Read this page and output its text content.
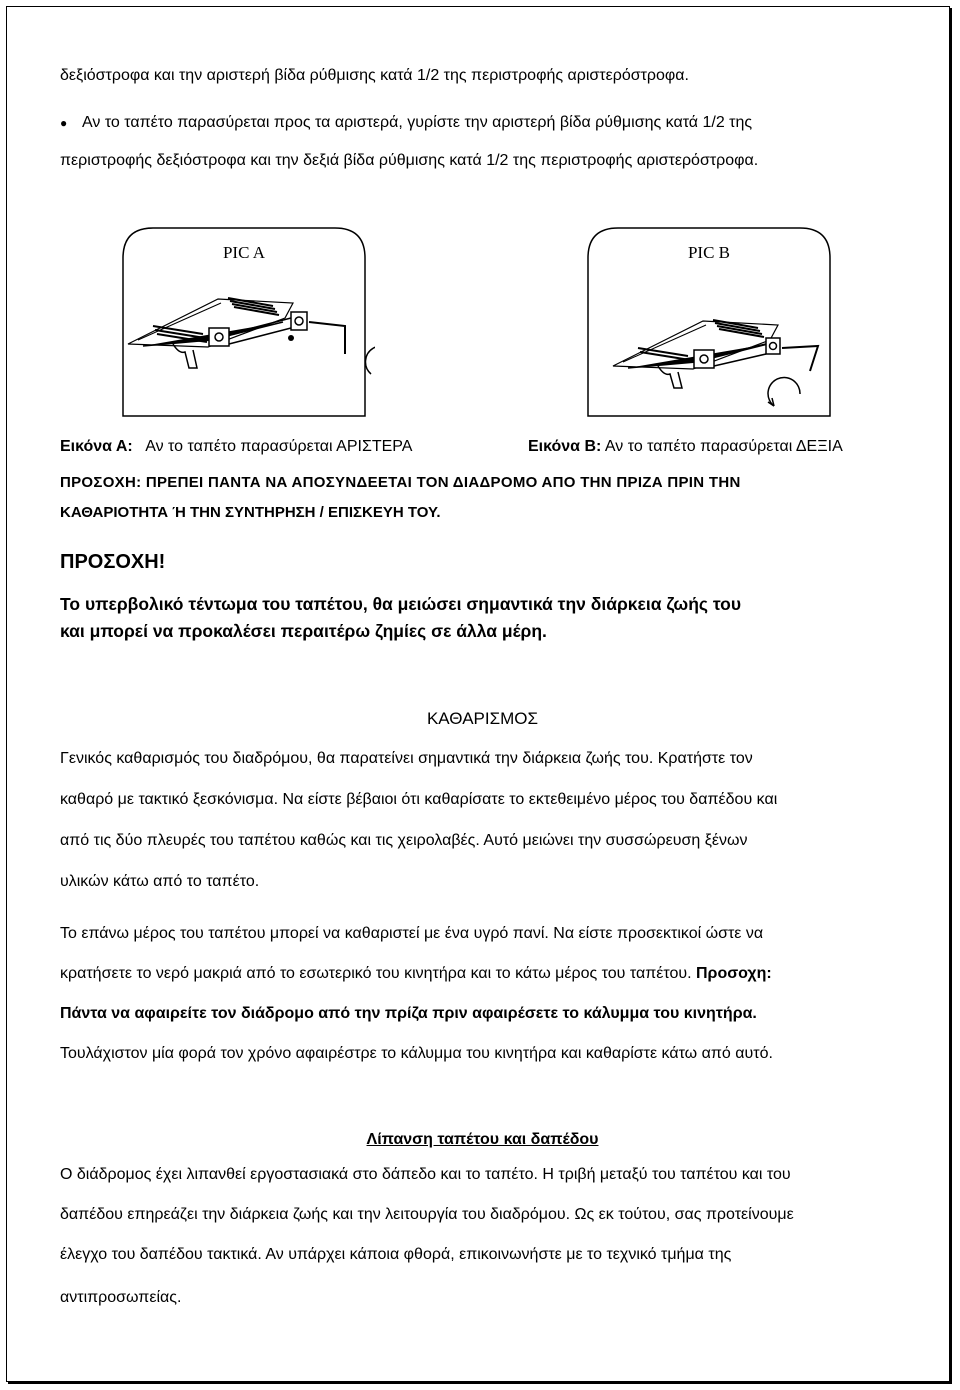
δεξιόστροφα και την αριστερή βίδα ρύθμισης κατά 1/2 της περιστροφής αριστερόστροφα.

● Αν το ταπέτο παρασύρεται προς τα αριστερά, γυρίστε την αριστερή βίδα ρύθμισης κατά 1/2 της

περιστροφής δεξιόστροφα και την δεξιά βίδα ρύθμισης κατά 1/2 της περιστροφής αριστερόστροφα.

PIC A	PIC B
Εικόνα Α: Αν το ταπέτο παρασύρεται ΑΡΙΣΤΕΡΑ	Εικόνα Β: Αν το ταπέτο παρασύρεται ΔΕΞΙΑ

ΠΡΟΣΟΧΗ: ΠΡΕΠΕΙ ΠΑΝΤΑ ΝΑ ΑΠΟΣΥΝΔΕΕΤΑΙ ΤΟΝ ΔΙΑΔΡΟΜΟ ΑΠΟ ΤΗΝ ΠΡΙΖΑ ΠΡΙΝ ΤΗΝ

ΚΑΘΑΡΙΟΤΗΤΑ Ή ΤΗΝ ΣΥΝΤΗΡΗΣΗ / ΕΠΙΣΚΕΥΗ ΤΟΥ.

ΠΡΟΣΟΧΗ!

Το υπερβολικό τέντωμα του ταπέτου, θα μειώσει σημαντικά την διάρκεια ζωής του

και μπορεί να προκαλέσει περαιτέρω ζημίες σε άλλα μέρη.

ΚΑΘΑΡΙΣΜΟΣ

Γενικός καθαρισμός του διαδρόμου, θα παρατείνει σημαντικά την διάρκεια ζωής του. Κρατήστε τον

καθαρό με τακτικό ξεσκόνισμα. Να είστε βέβαιοι ότι καθαρίσατε το εκτεθειμένο μέρος του δαπέδου και

από τις δύο πλευρές του ταπέτου καθώς και τις χειρολαβές. Αυτό μειώνει την συσσώρευση ξένων

υλικών κάτω από το ταπέτο.

Το επάνω μέρος του ταπέτου μπορεί να καθαριστεί με ένα υγρό πανί. Να είστε προσεκτικοί ώστε να

κρατήσετε το νερό μακριά από το εσωτερικό του κινητήρα και το κάτω μέρος του ταπέτου. Προσοχη:

Πάντα να αφαιρείτε τον διάδρομο από την πρίζα πριν αφαιρέσετε το κάλυμμα του κινητήρα.

Τουλάχιστον μία φορά τον χρόνο αφαιρέστρε το κάλυμμα του κινητήρα και καθαρίστε κάτω από αυτό.

Λίπανση ταπέτου και δαπέδου

Ο διάδρομος έχει λιπανθεί εργοστασιακά στο δάπεδο και το ταπέτο. Η τριβή μεταξύ του ταπέτου και του

δαπέδου επηρεάζει την διάρκεια ζωής και την λειτουργία του διαδρόμου. Ως εκ τούτου, σας προτείνουμε

έλεγχο του δαπέδου τακτικά. Αν υπάρχει κάποια φθορά, επικοινωνήστε με το τεχνικό τμήμα της

αντιπροσωπείας.
